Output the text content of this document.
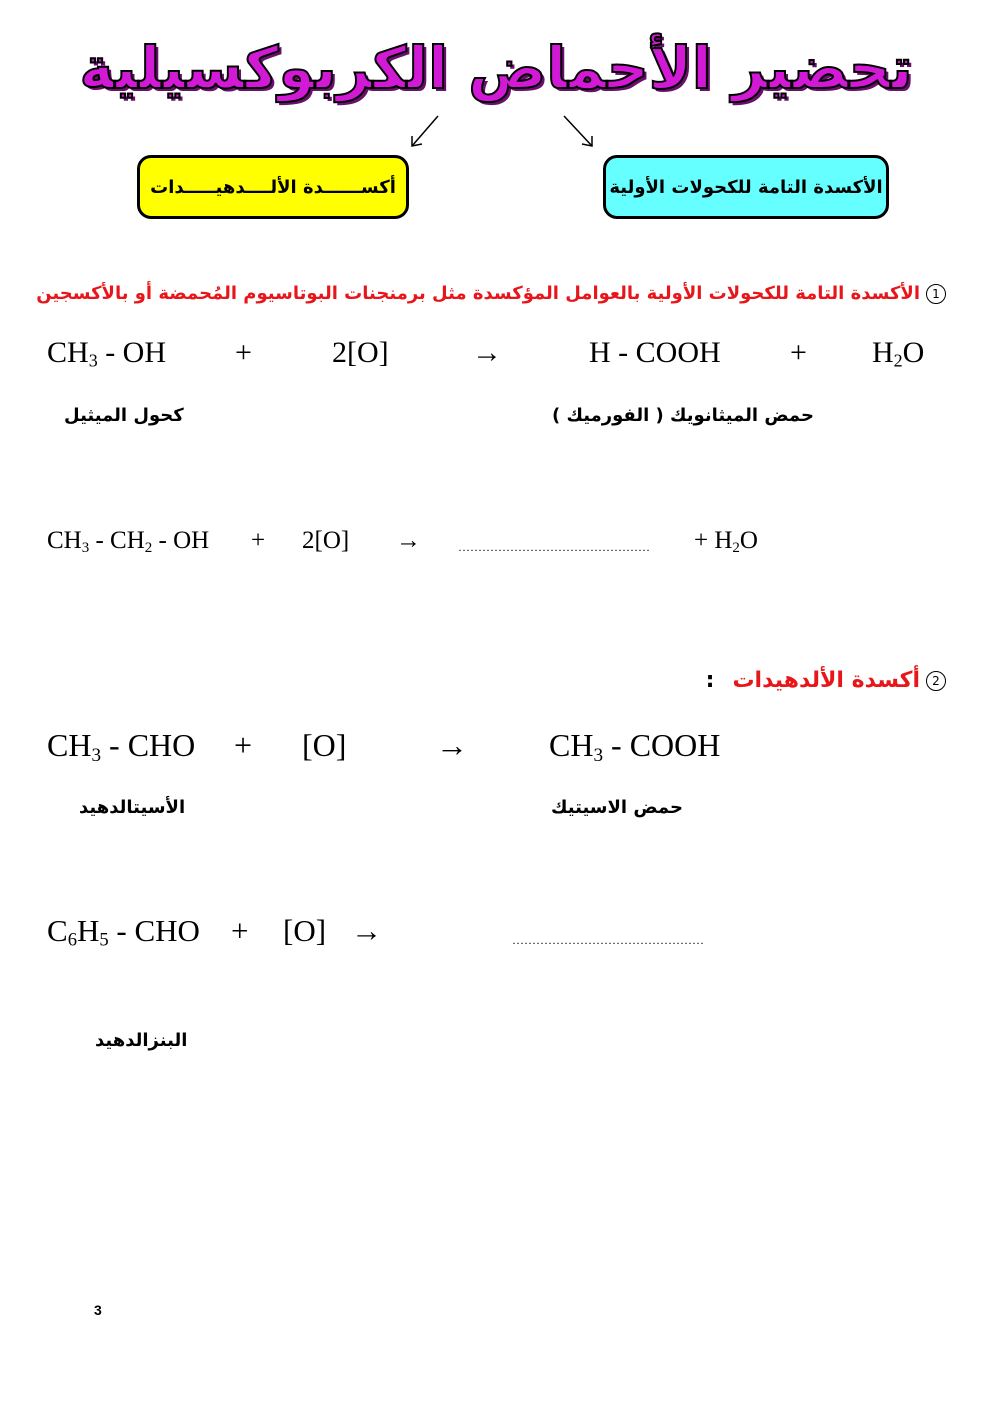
تحضير الأحماض الكربوكسيلية
أكســــــدة الألــــدهيـــــدات	الأكسدة التامة للكحولات الأولية
1الأكسدة التامة للكحولات الأولية بالعوامل المؤكسدة مثل برمنجنات البوتاسيوم المُحمضة أو بالأكسجين
$CH_3$ - OH +	2[O]	→	H - COOH + $H_2O$
كحول الميثيل	حمض الميثانويك ( الفورميك )
$CH_3 - CH_2$ - OH + 2[O] →	………………………………………… + $H_2O$
2أكسدة الألدهيدات:
$CH_3$ - CHO + [O]	→	$CH_3$ - COOH
الأسيتالدهيد	حمض الاسيتيك
$C_6H_5$ - CHO + [O] →	…………………………………………
البنزالدهيد
3
